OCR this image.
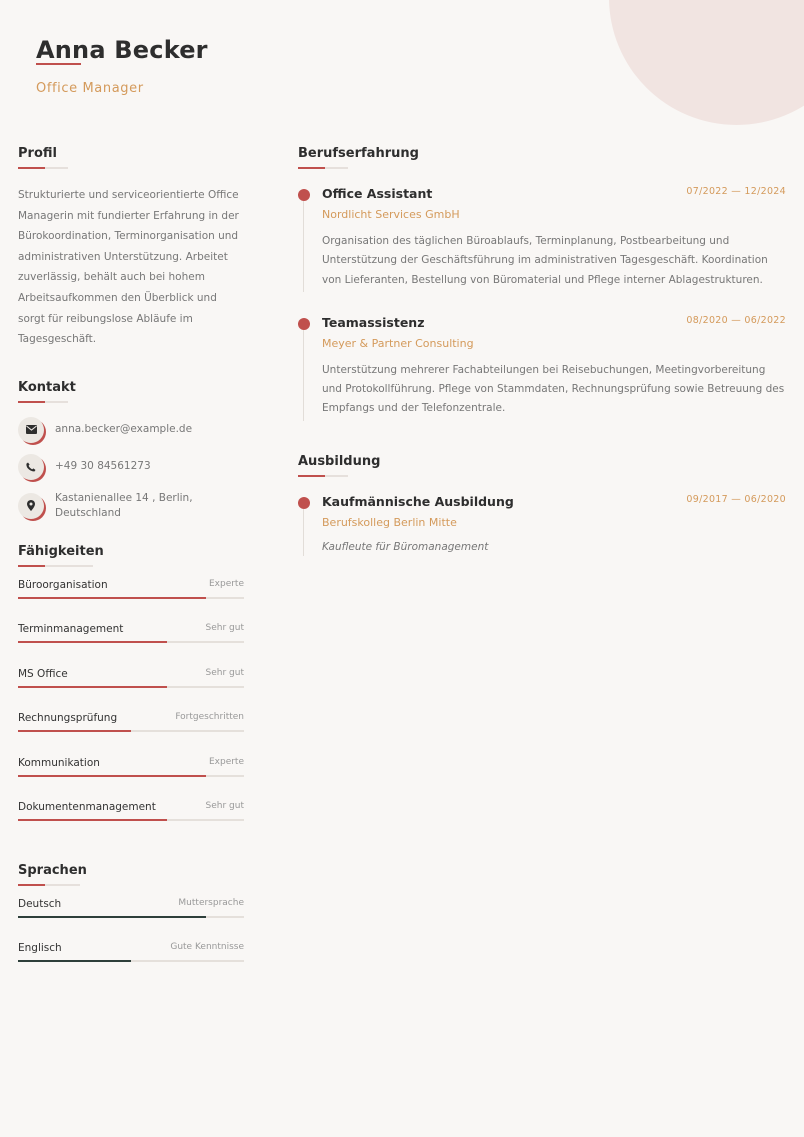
Anna Becker
Office Manager
Profil

Strukturierte und serviceorientierte Office Managerin mit fundierter Erfahrung in der Bürokoordination, Terminorganisation und administrativen Unterstützung. Arbeitet zuverlässig, behält auch bei hohem Arbeitsaufkommen den Überblick und sorgt für reibungslose Abläufe im Tagesgeschäft.

Kontakt
anna.becker@example.de
+49 30 84561273
Kastanienallee 14 , Berlin, Deutschland
Fähigkeiten
Büroorganisation	Experte
Terminmanagement	Sehr gut
MS Office	Sehr gut
Rechnungsprüfung	Fortgeschritten
Kommunikation	Experte
Dokumentenmanagement	Sehr gut
Sprachen
Deutsch	Muttersprache
Englisch	Gute Kenntnisse
Berufserfahrung
Office Assistant	07/2022 — 12/2024
Nordlicht Services GmbH

Organisation des täglichen Büroablaufs, Terminplanung, Postbearbeitung und Unterstützung der Geschäftsführung im administrativen Tagesgeschäft. Koordination von Lieferanten, Bestellung von Büromaterial und Pflege interner Ablagestrukturen.

Teamassistenz	08/2020 — 06/2022
Meyer & Partner Consulting

Unterstützung mehrerer Fachabteilungen bei Reisebuchungen, Meetingvorbereitung und Protokollführung. Pflege von Stammdaten, Rechnungsprüfung sowie Betreuung des Empfangs und der Telefonzentrale.

Ausbildung
Kaufmännische Ausbildung	09/2017 — 06/2020
Berufskolleg Berlin Mitte

Kaufleute für Büromanagement
